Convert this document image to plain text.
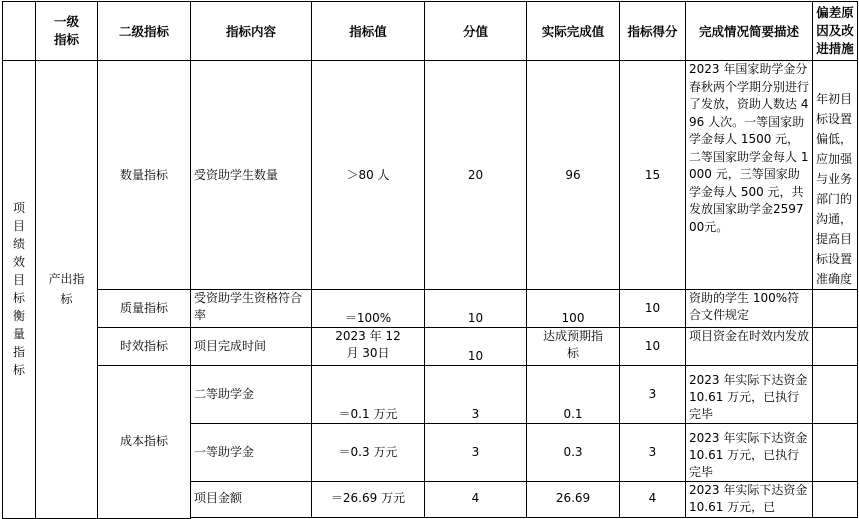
	一级指标	二级指标	指标内容	指标值	分值	实际完成值	指标得分	完成情况简要描述	偏差原因及改进措施

项目绩效目标衡量指标	产出指标	数量指标	受资助学生数量	＞80 人	20	96	15	2023 年国家助学金分春秋两个学期分别进行了发放，资助人数达 496 人次。一等国家助学金每人 1500 元，二等国家助学金每人 1000 元，三等国家助学金每人 500 元，共发放国家助学金259700元。	年初目标设置偏低，应加强与业务部门的沟通，提高目标设置准确度

		质量指标	受资助学生资格符合率	＝100%	10	100	10	资助的学生 100%符合文件规定	

		时效指标	项目完成时间	2023 年 12 月 30日	10	达成预期指标	10	项目资金在时效内发放	

		成本指标	二等助学金	＝0.1 万元	3	0.1	3	2023 年实际下达资金 10.61 万元，已执行完毕	

			一等助学金	＝0.3 万元	3	0.3	3	2023 年实际下达资金 10.61 万元，已执行完毕	

			项目金额	＝26.69 万元	4	26.69	4	2023 年实际下达资金 10.61 万元，已	
